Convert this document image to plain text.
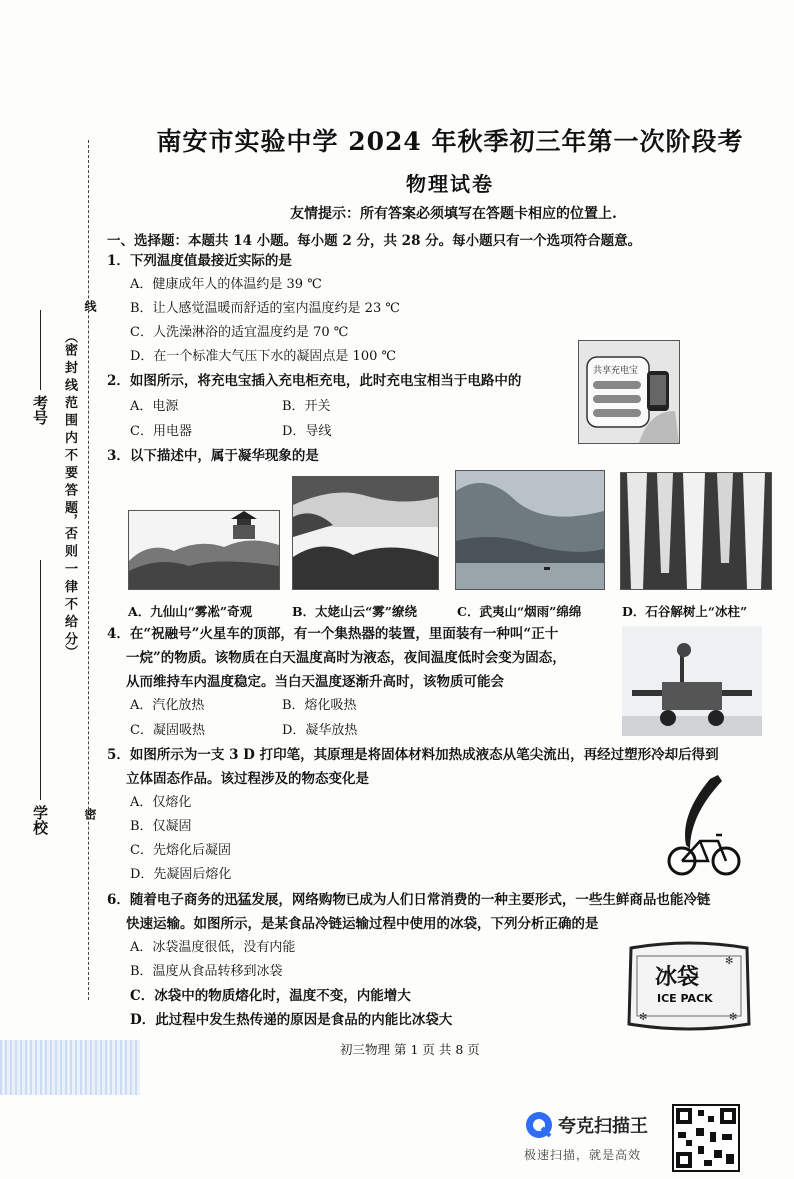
（密 封 线 范 围 内 不 要 答 题，否 则 一 律 不 给 分）
学校
考号
线
密
南安市实验中学 2024 年秋季初三年第一次阶段考
物理试卷
友情提示：所有答案必须填写在答题卡相应的位置上.
一、选择题：本题共 14 小题。每小题 2 分，共 28 分。每小题只有一个选项符合题意。
1．下列温度值最接近实际的是
A．健康成年人的体温约是 39 ℃
B．让人感觉温暖而舒适的室内温度约是 23 ℃
C．人洗澡淋浴的适宜温度约是 70 ℃
D．在一个标准大气压下水的凝固点是 100 ℃
2．如图所示，将充电宝插入充电柜充电，此时充电宝相当于电路中的
A．电源	B．开关
C．用电器	D．导线
共享充电宝
3．以下描述中，属于凝华现象的是
A．九仙山“雾凇”奇观	B．太姥山云“雾”缭绕	C．武夷山“烟雨”绵绵	D．石谷解树上“冰柱”
4．在“祝融号”火星车的顶部，有一个集热器的装置，里面装有一种叫“正十
一烷”的物质。该物质在白天温度高时为液态，夜间温度低时会变为固态，
从而维持车内温度稳定。当白天温度逐渐升高时，该物质可能会
A．汽化放热	B．熔化吸热
C．凝固吸热	D．凝华放热
5．如图所示为一支 3 D 打印笔，其原理是将固体材料加热成液态从笔尖流出，再经过塑形冷却后得到
立体固态作品。该过程涉及的物态变化是
A．仅熔化
B．仅凝固
C．先熔化后凝固
D．先凝固后熔化
6．随着电子商务的迅猛发展，网络购物已成为人们日常消费的一种主要形式，一些生鲜商品也能冷链
快速运输。如图所示，是某食品冷链运输过程中使用的冰袋，下列分析正确的是
A．冰袋温度很低，没有内能
B．温度从食品转移到冰袋
C．冰袋中的物质熔化时，温度不变，内能增大
D．此过程中发生热传递的原因是食品的内能比冰袋大
冰袋
ICE PACK
✻
✻
✻
初三物理 第 1 页 共 8 页
夸克扫描王
极速扫描，就是高效
